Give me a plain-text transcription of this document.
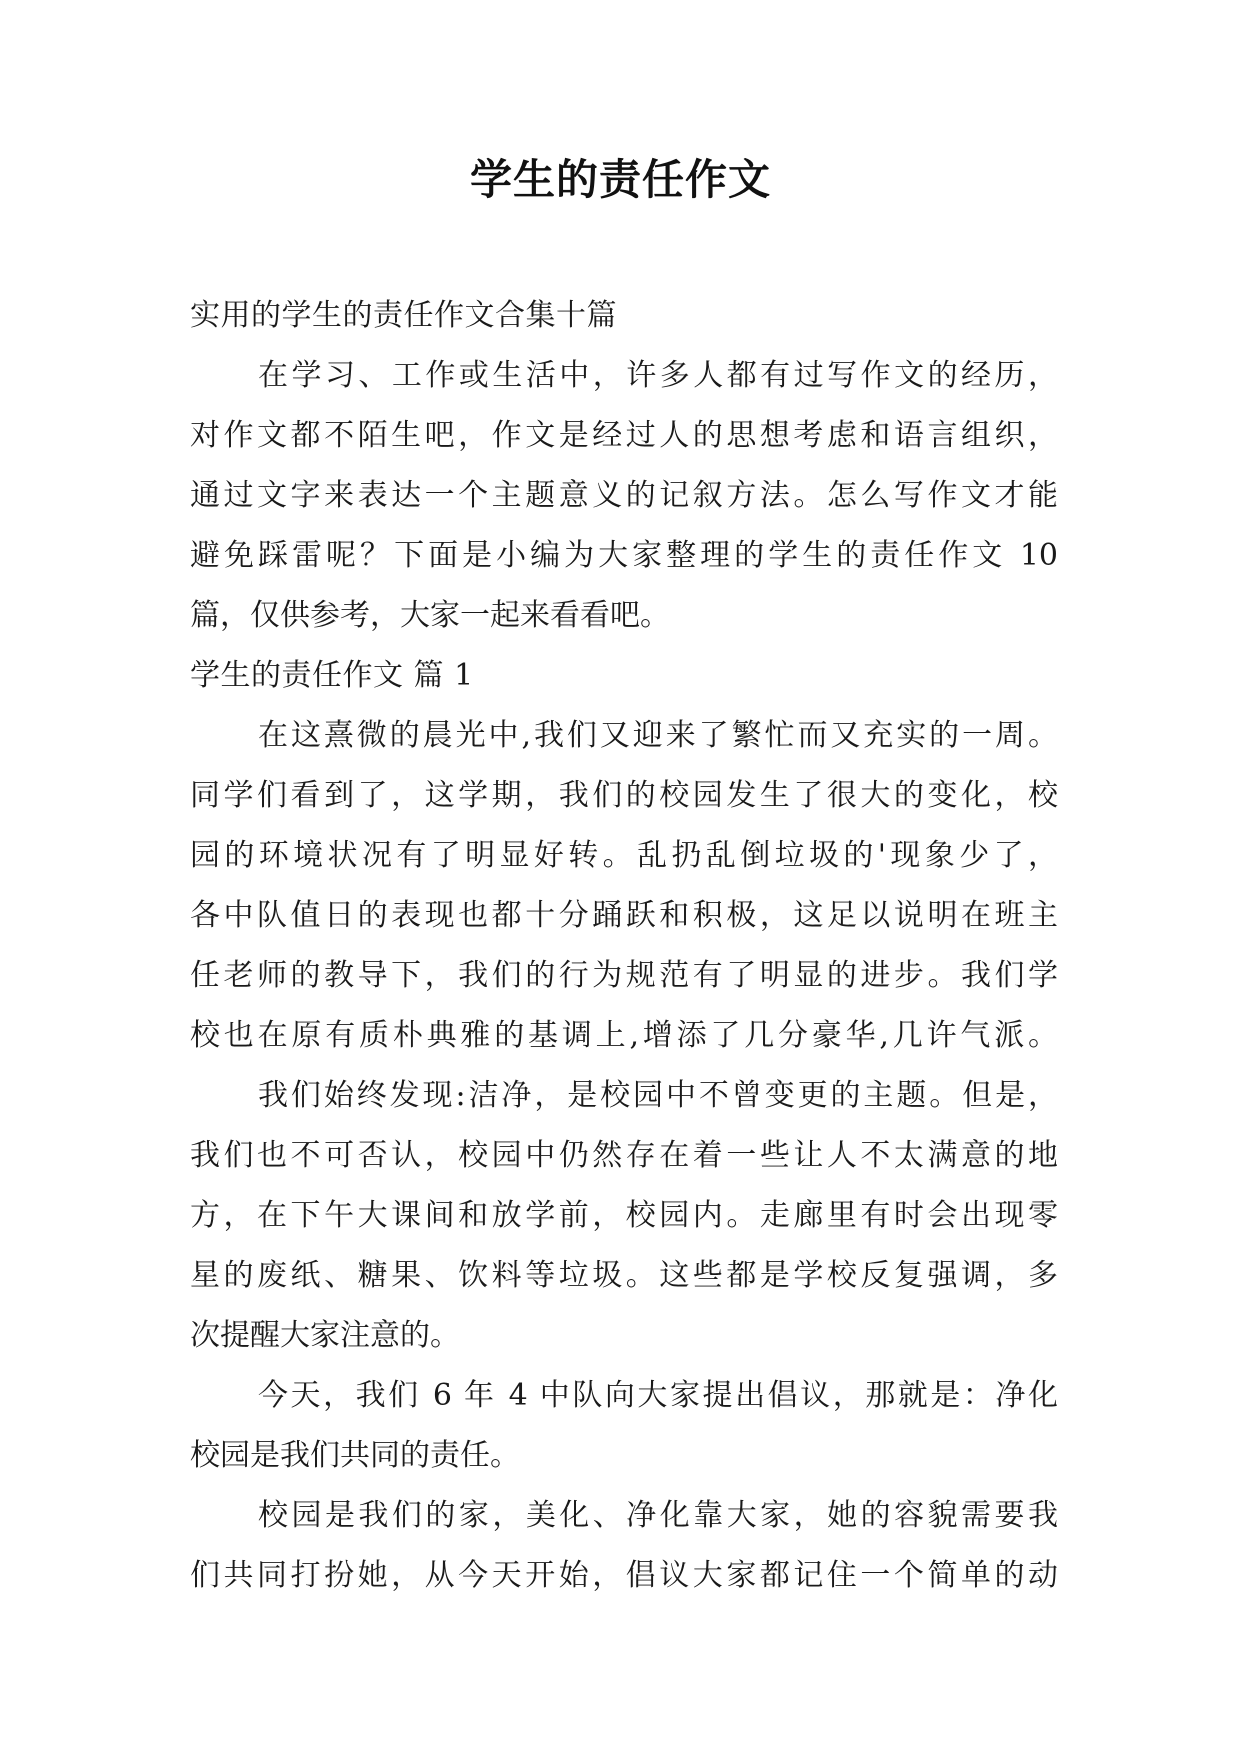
学生的责任作文
实用的学生的责任作文合集十篇
在学习、工作或生活中，许多人都有过写作文的经历，
对作文都不陌生吧，作文是经过人的思想考虑和语言组织，
通过文字来表达一个主题意义的记叙方法。怎么写作文才能
避免踩雷呢？下面是小编为大家整理的学生的责任作文 10
篇，仅供参考，大家一起来看看吧。
学生的责任作文 篇 1
在这熹微的晨光中,我们又迎来了繁忙而又充实的一周。
同学们看到了，这学期，我们的校园发生了很大的变化，校
园的环境状况有了明显好转。乱扔乱倒垃圾的'现象少了，
各中队值日的表现也都十分踊跃和积极，这足以说明在班主
任老师的教导下，我们的行为规范有了明显的进步。我们学
校也在原有质朴典雅的基调上,增添了几分豪华,几许气派。
我们始终发现:洁净，是校园中不曾变更的主题。但是，
我们也不可否认，校园中仍然存在着一些让人不太满意的地
方，在下午大课间和放学前，校园内。走廊里有时会出现零
星的废纸、糖果、饮料等垃圾。这些都是学校反复强调，多
次提醒大家注意的。
今天，我们 6 年 4 中队向大家提出倡议，那就是：净化
校园是我们共同的责任。
校园是我们的家，美化、净化靠大家，她的容貌需要我
们共同打扮她，从今天开始，倡议大家都记住一个简单的动
